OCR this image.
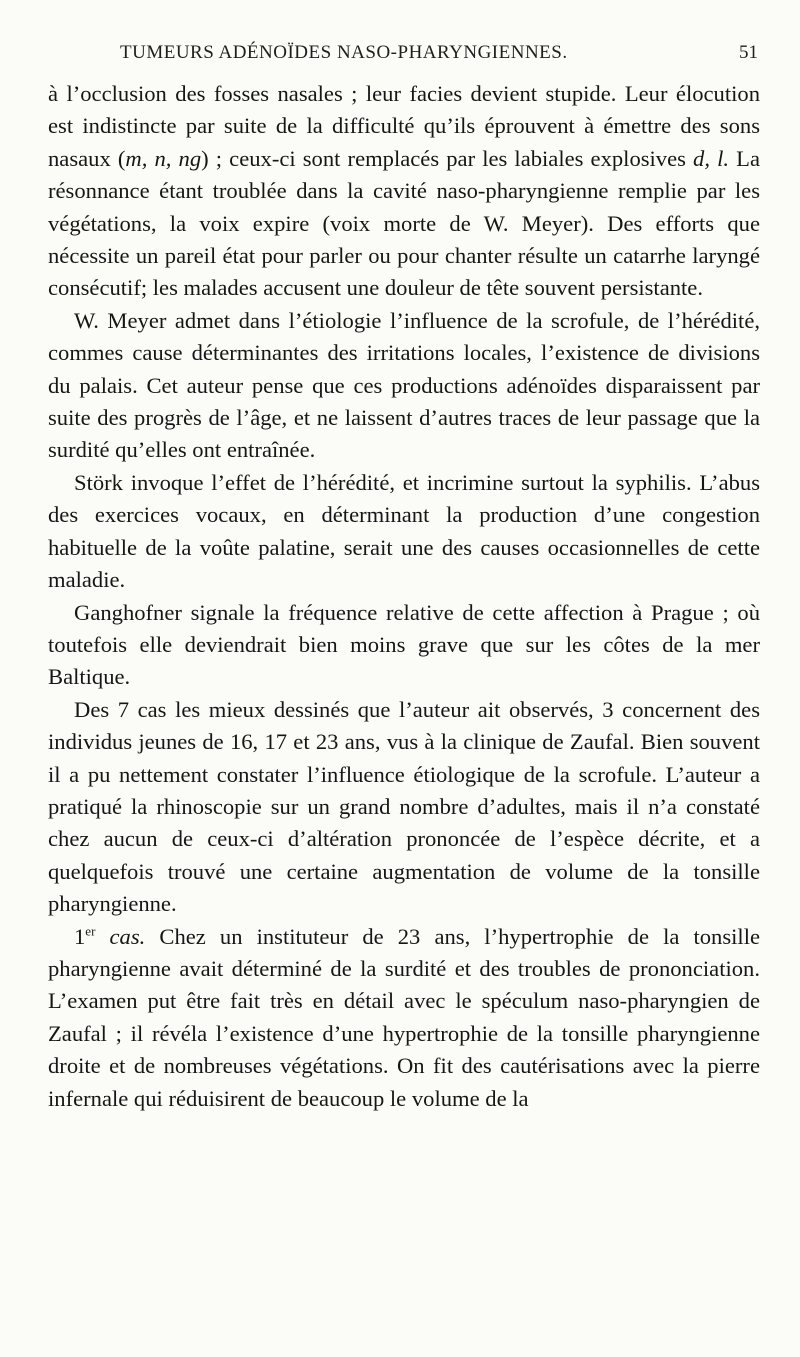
TUMEURS ADÉNOÏDES NASO-PHARYNGIENNES.	51

à l’occlusion des fosses nasales ; leur facies devient stupide. Leur élocution est indistincte par suite de la difficulté qu’ils éprouvent à émettre des sons nasaux (m, n, ng) ; ceux-ci sont remplacés par les labiales explosives d, l. La résonnance étant troublée dans la cavité naso-pharyngienne remplie par les végétations, la voix expire (voix morte de W. Meyer). Des efforts que nécessite un pareil état pour parler ou pour chanter résulte un catarrhe laryngé consécutif; les malades accusent une douleur de tête souvent persistante.

W. Meyer admet dans l’étiologie l’influence de la scrofule, de l’hérédité, commes cause déterminantes des irritations locales, l’existence de divisions du palais. Cet auteur pense que ces productions adénoïdes disparaissent par suite des progrès de l’âge, et ne laissent d’autres traces de leur passage que la surdité qu’elles ont entraînée.

Störk invoque l’effet de l’hérédité, et incrimine surtout la syphilis. L’abus des exercices vocaux, en déterminant la production d’une congestion habituelle de la voûte palatine, serait une des causes occasionnelles de cette maladie.

Ganghofner signale la fréquence relative de cette affection à Prague ; où toutefois elle deviendrait bien moins grave que sur les côtes de la mer Baltique.

Des 7 cas les mieux dessinés que l’auteur ait observés, 3 concernent des individus jeunes de 16, 17 et 23 ans, vus à la clinique de Zaufal. Bien souvent il a pu nettement constater l’influence étiologique de la scrofule. L’auteur a pratiqué la rhinoscopie sur un grand nombre d’adultes, mais il n’a constaté chez aucun de ceux-ci d’altération prononcée de l’espèce décrite, et a quelquefois trouvé une certaine augmentation de volume de la tonsille pharyngienne.

1er cas. Chez un instituteur de 23 ans, l’hypertrophie de la tonsille pharyngienne avait déterminé de la surdité et des troubles de prononciation. L’examen put être fait très en détail avec le spéculum naso-pharyngien de Zaufal ; il révéla l’existence d’une hypertrophie de la tonsille pharyngienne droite et de nombreuses végétations. On fit des cautérisations avec la pierre infernale qui réduisirent de beaucoup le volume de la
